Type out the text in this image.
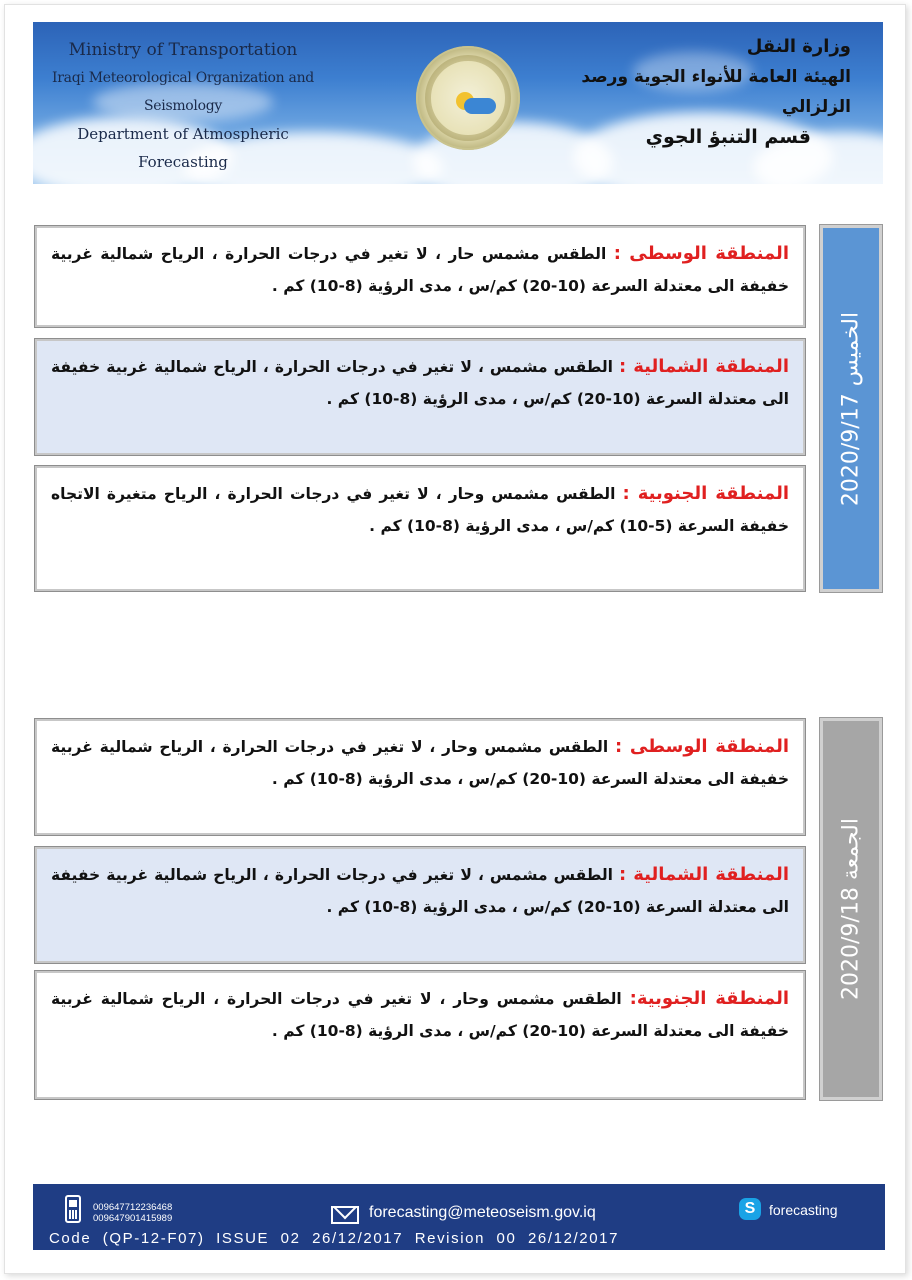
Ministry of Transportation
Iraqi Meteorological Organization and Seismology
Department of Atmospheric Forecasting
وزارة النقل
الهيئة العامة للأنواء الجوية ورصد الزلزالي
قسم التنبؤ الجوي
الخميس 2020/9/17
المنطقة الوسطى : الطقس مشمس حار ، لا تغير في درجات الحرارة ، الرياح شمالية غربية خفيفة الى معتدلة السرعة (10-20) كم/س ، مدى الرؤية (8-10) كم .
المنطقة الشمالية : الطقس مشمس ، لا تغير في درجات الحرارة ، الرياح شمالية غربية خفيفة الى معتدلة السرعة (10-20) كم/س ، مدى الرؤية (8-10) كم .
المنطقة الجنوبية : الطقس مشمس وحار ، لا تغير في درجات الحرارة ، الرياح متغيرة الاتجاه خفيفة السرعة (5-10) كم/س ، مدى الرؤية (8-10) كم .
الجمعة 2020/9/18
المنطقة الوسطى : الطقس مشمس وحار ، لا تغير في درجات الحرارة ، الرياح شمالية غربية خفيفة الى معتدلة السرعة (10-20) كم/س ، مدى الرؤية (8-10) كم .
المنطقة الشمالية : الطقس مشمس ، لا تغير في درجات الحرارة ، الرياح شمالية غربية خفيفة الى معتدلة السرعة (10-20) كم/س ، مدى الرؤية (8-10) كم .
المنطقة الجنوبية: الطقس مشمس وحار ، لا تغير في درجات الحرارة ، الرياح شمالية غربية خفيفة الى معتدلة السرعة (10-20) كم/س ، مدى الرؤية (8-10) كم .
009647712236468
009647901415989	forecasting@meteoseism.gov.iq	S forecasting
Code  (QP-12-F07)  ISSUE  02  26/12/2017  Revision  00  26/12/2017
